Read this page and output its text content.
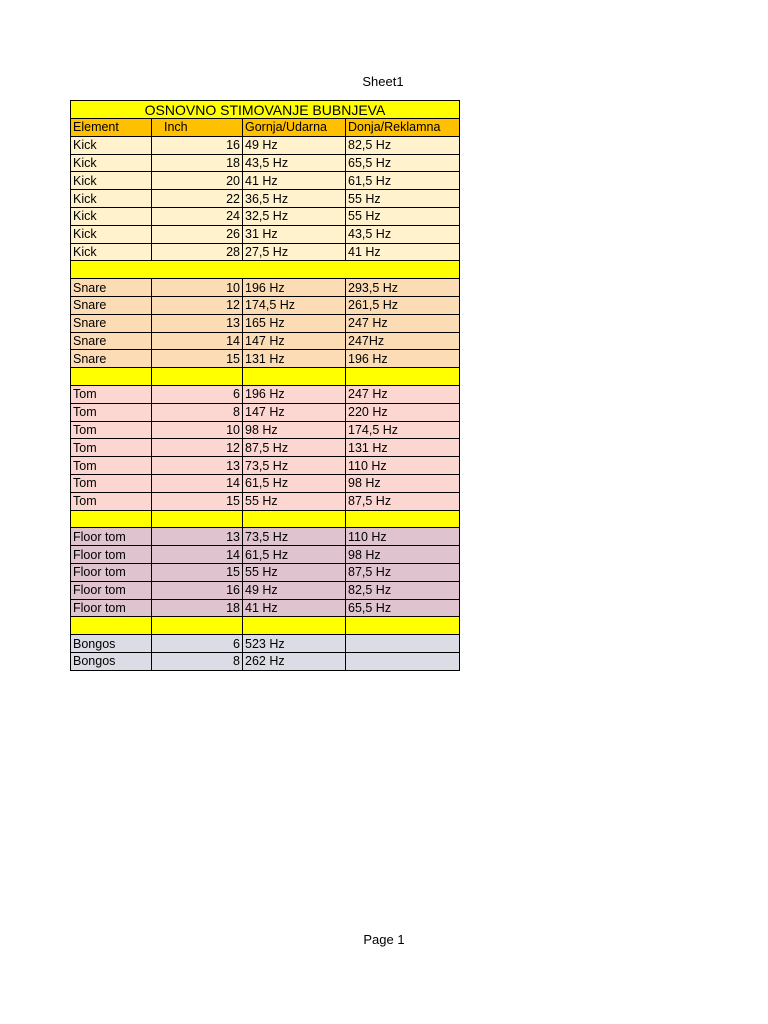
Sheet1
OSNOVNO STIMOVANJE BUBNJEVA			
Element	Inch	Gornja/Udarna	Donja/Reklamna
Kick	16	49 Hz	82,5 Hz
Kick	18	43,5 Hz	65,5 Hz
Kick	20	41 Hz	61,5 Hz
Kick	22	36,5 Hz	55 Hz
Kick	24	32,5 Hz	55 Hz
Kick	26	31 Hz	43,5 Hz
Kick	28	27,5 Hz	41 Hz

Snare	10	196 Hz	293,5 Hz
Snare	12	174,5 Hz	261,5 Hz
Snare	13	165 Hz	247 Hz
Snare	14	147 Hz	247Hz
Snare	15	131 Hz	196 Hz

Tom	6	196 Hz	247 Hz
Tom	8	147 Hz	220 Hz
Tom	10	98 Hz	174,5 Hz
Tom	12	87,5 Hz	131 Hz
Tom	13	73,5 Hz	110 Hz
Tom	14	61,5 Hz	98 Hz
Tom	15	55 Hz	87,5 Hz

Floor tom	13	73,5 Hz	110 Hz
Floor tom	14	61,5 Hz	98 Hz
Floor tom	15	55 Hz	87,5 Hz
Floor tom	16	49 Hz	82,5 Hz
Floor tom	18	41 Hz	65,5 Hz

Bongos	6	523 Hz	
Bongos	8	262 Hz	
Page 1
